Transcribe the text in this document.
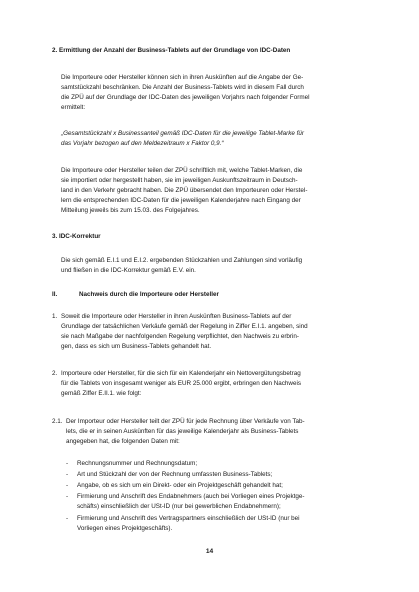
2. Ermittlung der Anzahl der Business-Tablets auf der Grundlage von IDC-Daten

Die Importeure oder Hersteller können sich in ihren Auskünften auf die Angabe der Ge-

samtstückzahl beschränken. Die Anzahl der Business-Tablets wird in diesem Fall durch

die ZPÜ auf der Grundlage der IDC-Daten des jeweiligen Vorjahrs nach folgender Formel

ermittelt:

„Gesamtstückzahl x Businessanteil gemäß IDC-Daten für die jeweilige Tablet-Marke für

das Vorjahr bezogen auf den Meldezeitraum x Faktor 0,9.“

Die Importeure oder Hersteller teilen der ZPÜ schriftlich mit, welche Tablet-Marken, die

sie importiert oder hergestellt haben, sie im jeweiligen Auskunftszeitraum in Deutsch-

land in den Verkehr gebracht haben. Die ZPÜ übersendet den Importeuren oder Herstel-

lern die entsprechenden IDC-Daten für die jeweiligen Kalenderjahre nach Eingang der

Mitteilung jeweils bis zum 15.03. des Folgejahres.

3. IDC-Korrektur

Die sich gemäß E.I.1 und E.I.2. ergebenden Stückzahlen und Zahlungen sind vorläufig

und fließen in die IDC-Korrektur gemäß E.V. ein.

II.	Nachweis durch die Importeure oder Hersteller
1. Soweit die Importeure oder Hersteller in ihren Auskünften Business-Tablets auf der

Grundlage der tatsächlichen Verkäufe gemäß der Regelung in Ziffer E.I.1. angeben, sind

sie nach Maßgabe der nachfolgenden Regelung verpflichtet, den Nachweis zu erbrin-

gen, dass es sich um Business-Tablets gehandelt hat.

2. Importeure oder Hersteller, für die sich für ein Kalenderjahr ein Nettovergütungsbetrag

für die Tablets von insgesamt weniger als EUR 25.000 ergibt, erbringen den Nachweis

gemäß Ziffer E.II.1. wie folgt:

2.1. Der Importeur oder Hersteller teilt der ZPÜ für jede Rechnung über Verkäufe von Tab-

lets, die er in seinen Auskünften für das jeweilige Kalenderjahr als Business-Tablets

angegeben hat, die folgenden Daten mit:

- Rechnungsnummer und Rechnungsdatum;

- Art und Stückzahl der von der Rechnung umfassten Business-Tablets;

- Angabe, ob es sich um ein Direkt- oder ein Projektgeschäft gehandelt hat;

- Firmierung und Anschrift des Endabnehmers (auch bei Vorliegen eines Projektge-

schäfts) einschließlich der USt-ID (nur bei gewerblichen Endabnehmern);

- Firmierung und Anschrift des Vertragspartners einschließlich der USt-ID (nur bei

Vorliegen eines Projektgeschäfts).

14
